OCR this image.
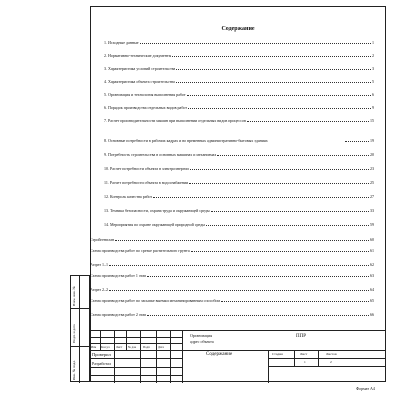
Содержание
1. Исходные данные	1
2. Нормативно-технические документы	2
3. Характеристика условий строительства	3
4. Характеристика объекта строительства	5
5. Организация и технология выполнения работ	6
6. Порядок производства отдельных видов работ	9
7. Расчет производительности машин при выполнении отдельных видов процессов	15
8. Основные потребности в рабочих кадрах и во временных административно-бытовых зданиях	19
9. Потребность строительства в основных машинах и механизмах	20
10. Расчет потребности объекта в электроэнергии	23
11. Расчет потребности объекта в водоснабжении	25
12. Контроль качества работ	27
13. Техника безопасности, охрана труда и окружающей среды	33
14. Мероприятия по охране окружающей природной среды	59
Стройгенплан	60
Схема производства работ по срезке растительного грунта	61
Разрез 1–1	62
Схема производства работ 1 этап	63
Разрез 2–2	64
Схема производства работ по засыпке выемки механизированным способом	65
Схема производства работ 2 этап	66
Взам. инв. №
Подп. и дата
Инв. № подл.
Организация
адрес объекта
ППР
Изм Кол.уч Лист № док Подп	Дата
Проверил
Разработал
Содержание	Стадия	Лист	Листов
1	2
Формат А4
